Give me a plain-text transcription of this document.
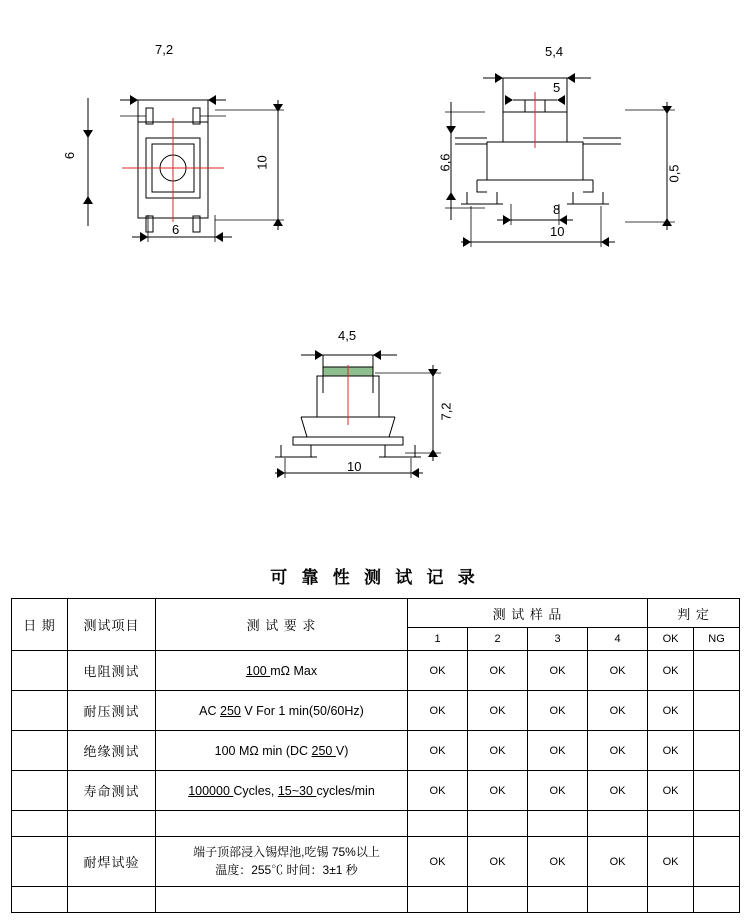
7,2
6	10
6
5,4
5
6,6
0,5
8
10
4,5
7,2
10
可 靠 性 测 试 记 录
日 期	测试项目	测 试 要 求	测 试 样 品				判 定	
			1	2	3	4	OK	NG
	电阻测试	100 mΩ Max	OK	OK	OK	OK	OK	
	耐压测试	AC 250 V For 1 min(50/60Hz)	OK	OK	OK	OK	OK	
	绝缘测试	100 MΩ min (DC 250 V)	OK	OK	OK	OK	OK	
	寿命测试	100000 Cycles, 15~30 cycles/min	OK	OK	OK	OK	OK	

	耐焊试验	端子顶部浸入锡焊池,吃锡 75%以上
温度：255℃ 时间：3±1 秒	OK	OK	OK	OK	OK	
